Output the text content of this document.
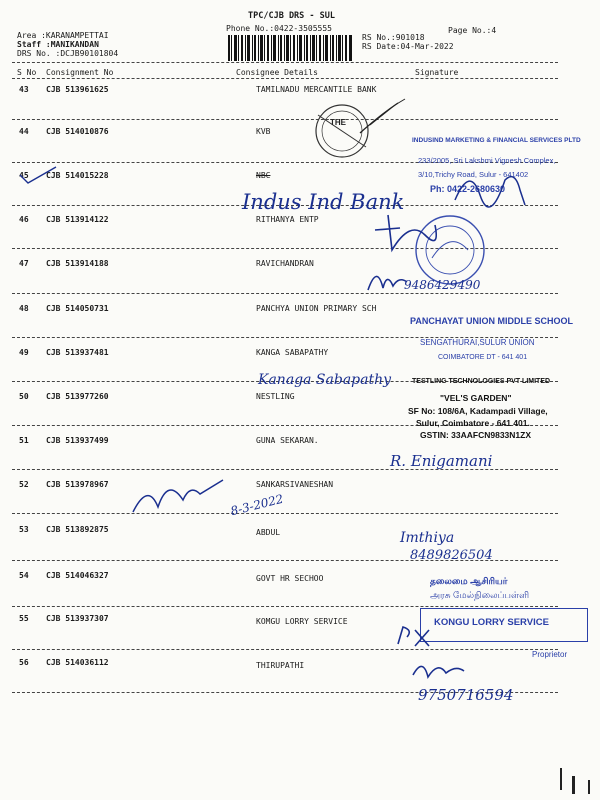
TPC/CJB DRS - SUL
Phone No.:0422-3505555	Page No.:4
RS No.:901018
RS Date:04-Mar-2022
Area :KARANAMPETTAI
Staff :MANIKANDAN
DRS No. :DCJB90101804
S No Consignment No	Consignee Details	Signature
43 CJB 513961625	TAMILNADU MERCANTILE BANK
44 CJB 514010876	KVB
45 CJB 514015228	NBC
46 CJB 513914122	RITHANYA ENTP
47 CJB 513914188	RAVICHANDRAN
48 CJB 514050731	PANCHYA UNION PRIMARY SCH
49 CJB 513937481	KANGA SABAPATHY
50 CJB 513977260	NESTLING
51 CJB 513937499	GUNA SEKARAN.
52 CJB 513978967	SANKARSIVANESHAN
53 CJB 513892875	ABDUL
54 CJB 514046327	GOVT HR SECHOO
55 CJB 513937307	KOMGU LORRY SERVICE
56 CJB 514036112	THIRUPATHI
THE
INDUSIND MARKETING & FINANCIAL SERVICES PLTD
233/2005, Sri Lakshmi Vignesh Complex,
3/10,Trichy Road, Sulur - 641402
Ph: 0422-2680630
Indus Ind Bank
9486429490
PANCHAYAT UNION MIDDLE SCHOOL
SENGATHURAI,SULUR UNION
COIMBATORE DT - 641 401
Kanaga Sabapathy	TESTLING TECHNOLOGIES PVT LIMITED
"VEL'S GARDEN"
SF No: 108/6A, Kadampadi Village,
Sulur, Coimbatore - 641 401.
GSTIN: 33AAFCN9833N1ZX
R. Enigamani
8-3-2022
Imthiya
8489826504
தலைமை ஆசிரியர்
அரசு மேல்நிலைப்பள்ளி
KONGU LORRY SERVICE
Proprietor
9750716594
